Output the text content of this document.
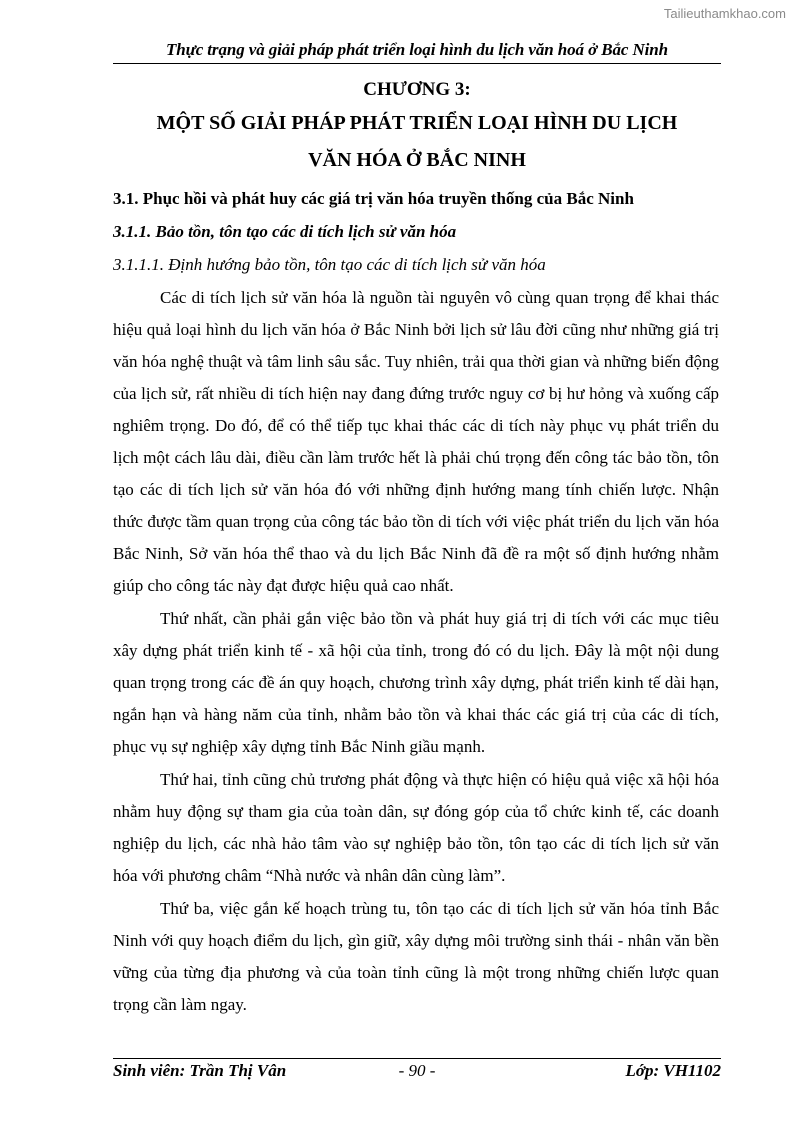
Tailieuthamkhao.com
Thực trạng và giải pháp phát triển loại hình du lịch văn hoá ở Bắc Ninh
CHƯƠNG 3:
MỘT SỐ GIẢI PHÁP PHÁT TRIỂN LOẠI HÌNH DU LỊCH
VĂN HÓA Ở BẮC NINH
3.1. Phục hồi và phát huy các giá trị văn hóa truyền thống của Bắc Ninh
3.1.1. Bảo tồn, tôn tạo các di tích lịch sử văn hóa
3.1.1.1. Định hướng bảo tồn, tôn tạo các di tích lịch sử văn hóa

Các di tích lịch sử văn hóa là nguồn tài nguyên vô cùng quan trọng để khai thác hiệu quả loại hình du lịch văn hóa ở Bắc Ninh bởi lịch sử lâu đời cũng như những giá trị văn hóa nghệ thuật và tâm linh sâu sắc. Tuy nhiên, trải qua thời gian và những biến động của lịch sử, rất nhiều di tích hiện nay đang đứng trước nguy cơ bị hư hỏng và xuống cấp nghiêm trọng. Do đó, để có thể tiếp tục khai thác các di tích này phục vụ phát triển du lịch một cách lâu dài, điều cần làm trước hết là phải chú trọng đến công tác bảo tồn, tôn tạo các di tích lịch sử văn hóa đó với những định hướng mang tính chiến lược. Nhận thức được tầm quan trọng của công tác bảo tồn di tích với việc phát triển du lịch văn hóa Bắc Ninh, Sở văn hóa thể thao và du lịch Bắc Ninh đã đề ra một số định hướng nhằm giúp cho công tác này đạt được hiệu quả cao nhất.

Thứ nhất, cần phải gắn việc bảo tồn và phát huy giá trị di tích với các mục tiêu xây dựng phát triển kinh tế - xã hội của tỉnh, trong đó có du lịch. Đây là một nội dung quan trọng trong các đề án quy hoạch, chương trình xây dựng, phát triển kinh tế dài hạn, ngắn hạn và hàng năm của tỉnh, nhằm bảo tồn và khai thác các giá trị của các di tích, phục vụ sự nghiệp xây dựng tỉnh Bắc Ninh giầu mạnh.

Thứ hai, tỉnh cũng chủ trương phát động và thực hiện có hiệu quả việc xã hội hóa nhằm huy động sự tham gia của toàn dân, sự đóng góp của tổ chức kinh tế, các doanh nghiệp du lịch, các nhà hảo tâm vào sự nghiệp bảo tồn, tôn tạo các di tích lịch sử văn hóa với phương châm “Nhà nước và nhân dân cùng làm”.

Thứ ba, việc gắn kế hoạch trùng tu, tôn tạo các di tích lịch sử văn hóa tỉnh Bắc Ninh với quy hoạch điểm du lịch, gìn giữ, xây dựng môi trường sinh thái - nhân văn bền vững của từng địa phương và của toàn tỉnh cũng là một trong những chiến lược quan trọng cần làm ngay.

Sinh viên: Trần Thị Vân	- 90 -	Lớp: VH1102
